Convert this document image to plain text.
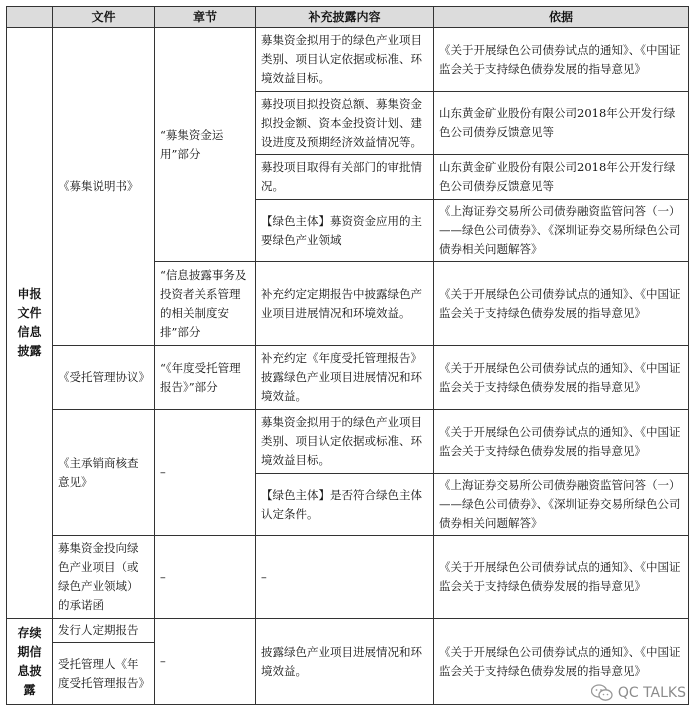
	文件	章节	补充披露内容	依据
申报文件信息披露	《募集说明书》	“募集资金运用”部分	募集资金拟用于的绿色产业项目类别、项目认定依据或标准、环境效益目标。	《关于开展绿色公司债券试点的通知》、《中国证监会关于支持绿色债券发展的指导意见》
			募投项目拟投资总额、募集资金拟投金额、资本金投资计划、建设进度及预期经济效益情况等。	山东黄金矿业股份有限公司2018年公开发行绿色公司债券反馈意见等
			募投项目取得有关部门的审批情况。	山东黄金矿业股份有限公司2018年公开发行绿色公司债券反馈意见等
			【绿色主体】募资资金应用的主要绿色产业领域	《上海证券交易所公司债券融资监管问答（一）——绿色公司债券》、《深圳证券交易所绿色公司债券相关问题解答》
		“信息披露事务及投资者关系管理的相关制度安排”部分	补充约定定期报告中披露绿色产业项目进展情况和环境效益。	《关于开展绿色公司债券试点的通知》、《中国证监会关于支持绿色债券发展的指导意见》
	《受托管理协议》	“《年度受托管理报告》”部分	补充约定《年度受托管理报告》披露绿色产业项目进展情况和环境效益。	《关于开展绿色公司债券试点的通知》、《中国证监会关于支持绿色债券发展的指导意见》
	《主承销商核查意见》	–	募集资金拟用于的绿色产业项目类别、项目认定依据或标准、环境效益目标。	《关于开展绿色公司债券试点的通知》、《中国证监会关于支持绿色债券发展的指导意见》
			【绿色主体】是否符合绿色主体认定条件。	《上海证券交易所公司债券融资监管问答（一）——绿色公司债券》、《深圳证券交易所绿色公司债券相关问题解答》
	募集资金投向绿色产业项目（或绿色产业领域）的承诺函	–	–	《关于开展绿色公司债券试点的通知》、《中国证监会关于支持绿色债券发展的指导意见》
存续期信息披露	发行人定期报告	–	披露绿色产业项目进展情况和环境效益。	《关于开展绿色公司债券试点的通知》、《中国证监会关于支持绿色债券发展的指导意见》
	受托管理人《年度受托管理报告》			
QC TALKS
